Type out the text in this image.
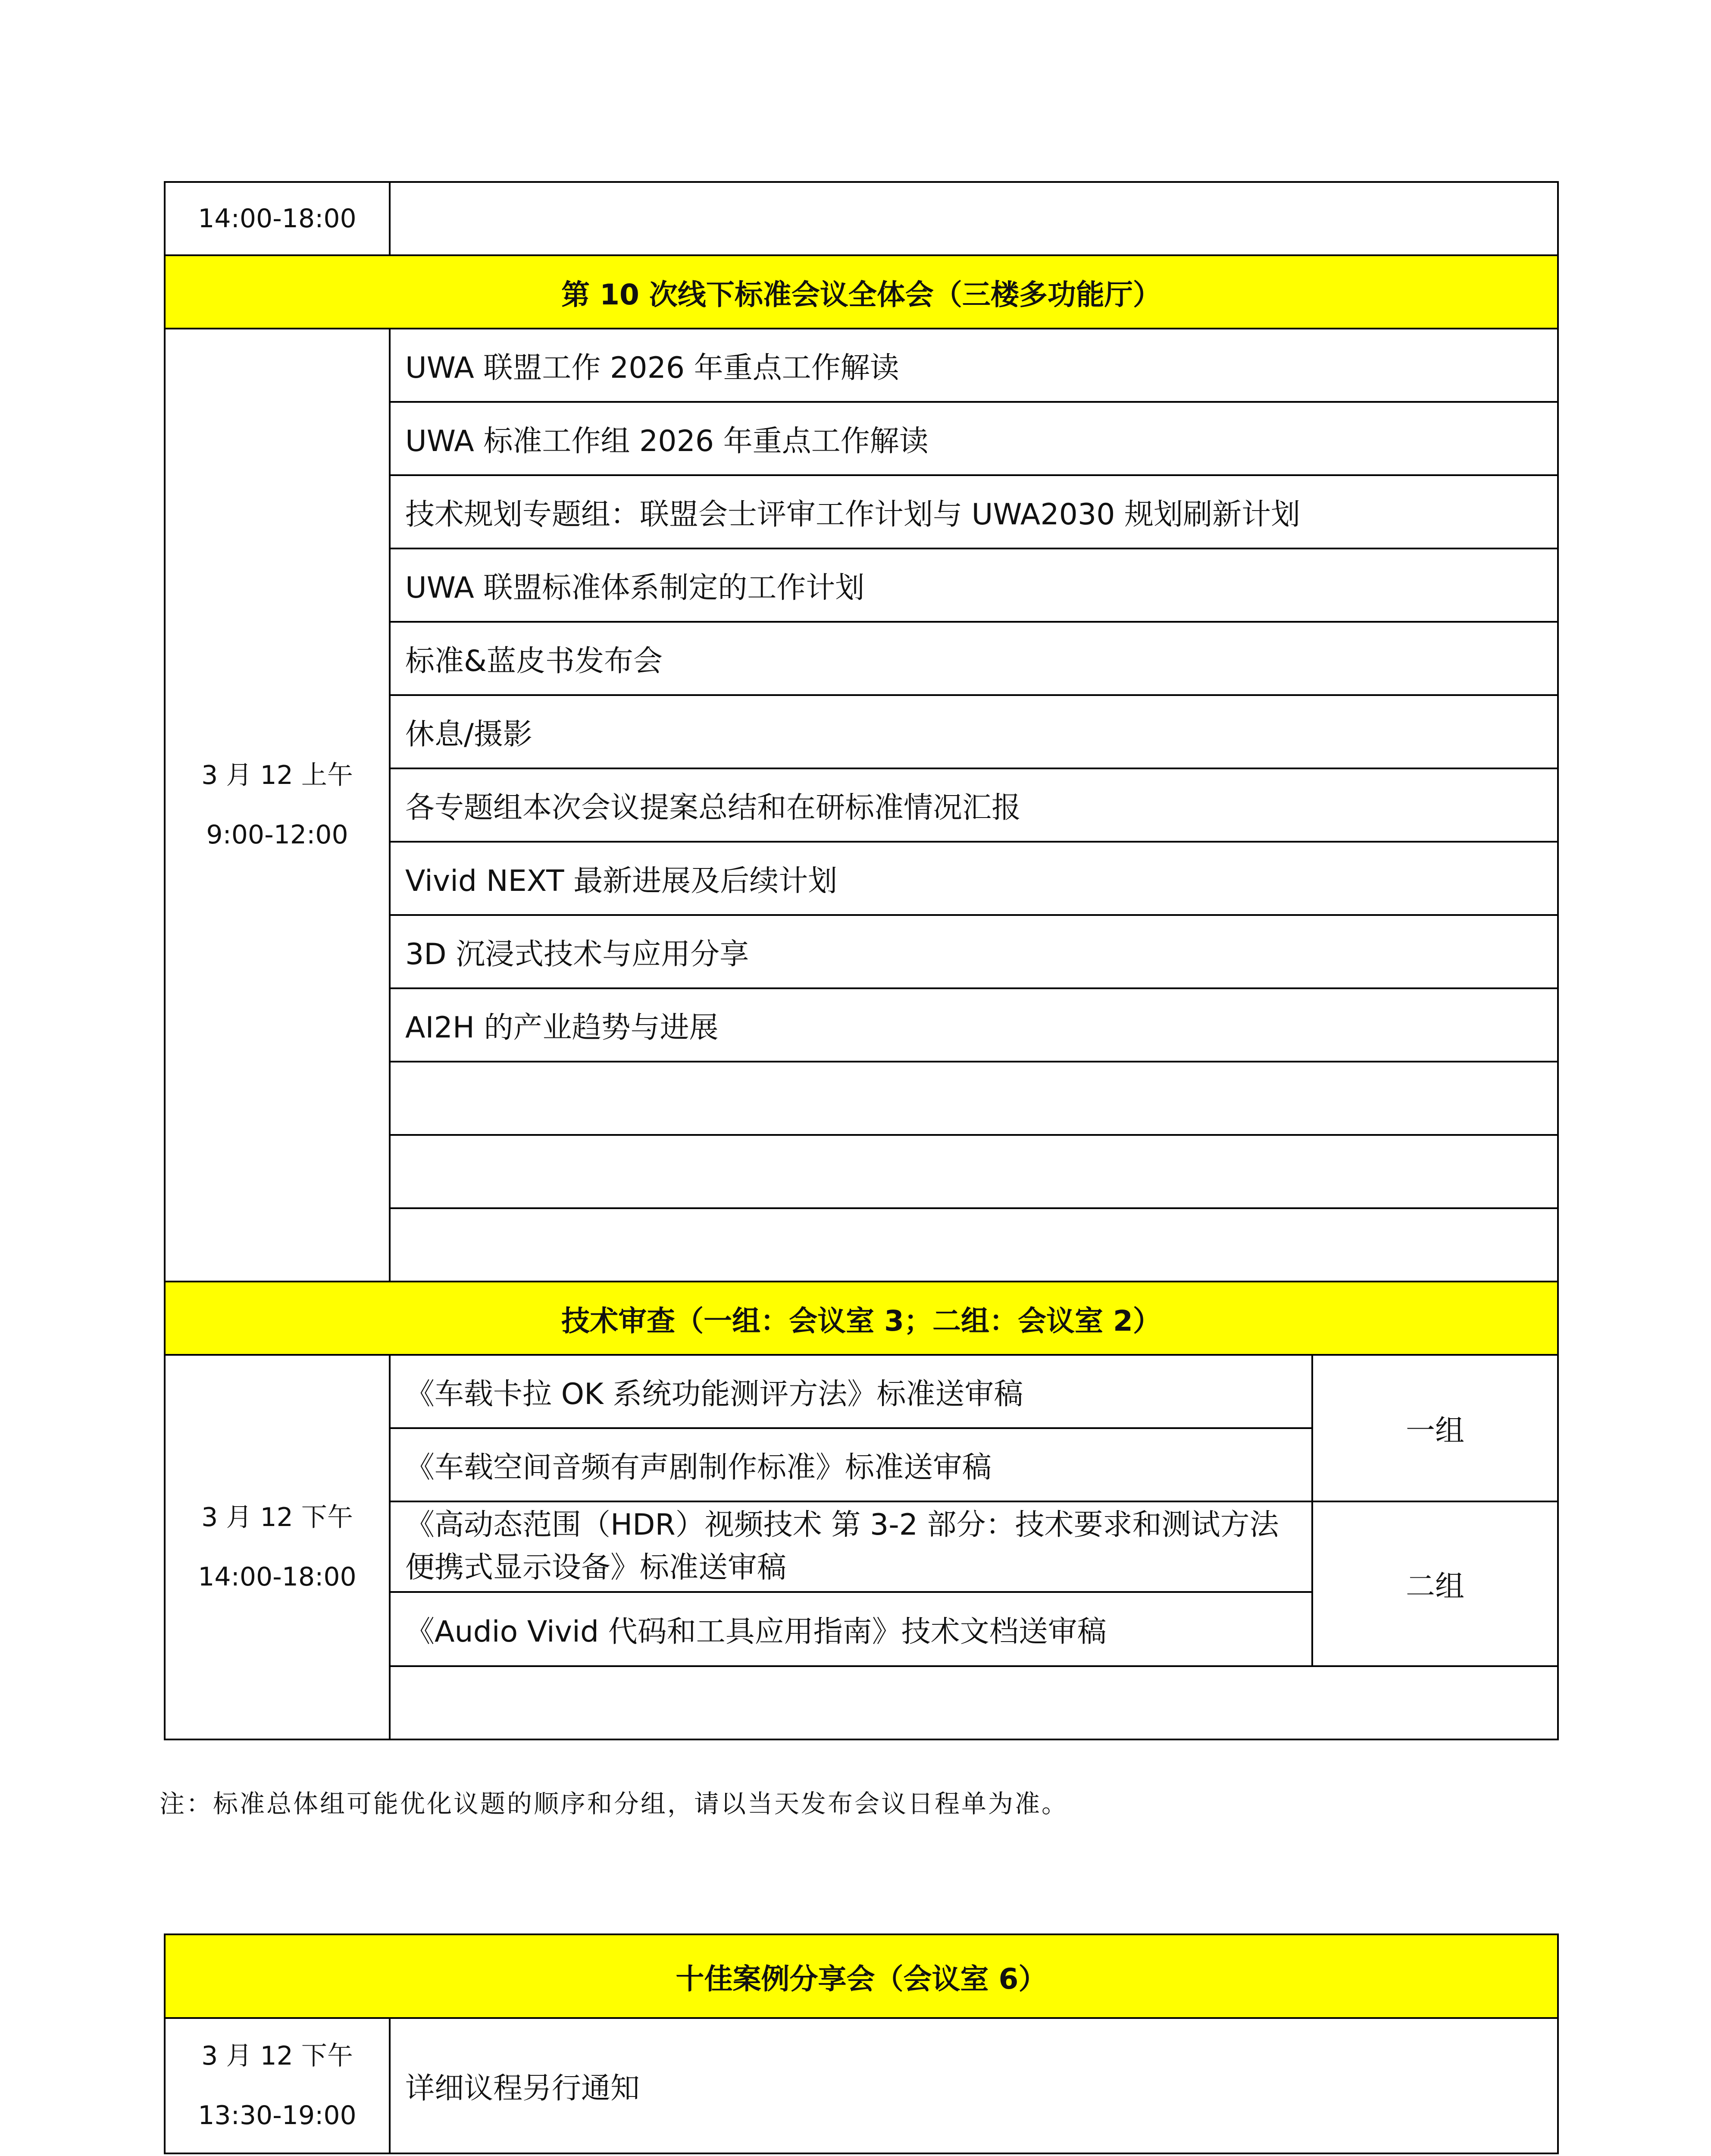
14:00-18:00		
第 10 次线下标准会议全体会（三楼多功能厅）		

3 月 12 上午
9:00-12:00	UWA 联盟工作 2026 年重点工作解读	
	UWA 标准工作组 2026 年重点工作解读	
	技术规划专题组：联盟会士评审工作计划与 UWA2030 规划刷新计划	
	UWA 联盟标准体系制定的工作计划	
	标准&蓝皮书发布会	
	休息/摄影	
	各专题组本次会议提案总结和在研标准情况汇报	
	Vivid NEXT 最新进展及后续计划	
	3D 沉浸式技术与应用分享	
	AI2H 的产业趋势与进展	

技术审查（一组：会议室 3；二组：会议室 2）		

3 月 12 下午
14:00-18:00	《车载卡拉 OK 系统功能测评方法》标准送审稿	一组
	《车载空间音频有声剧制作标准》标准送审稿	
	《高动态范围（HDR）视频技术 第 3-2 部分：技术要求和测试方法 便携式显示设备》标准送审稿	二组
	《Audio Vivid 代码和工具应用指南》技术文档送审稿	

注：标准总体组可能优化议题的顺序和分组，请以当天发布会议日程单为准。
十佳案例分享会（会议室 6）

3 月 12 下午
13:30-19:00
	详细议程另行通知
